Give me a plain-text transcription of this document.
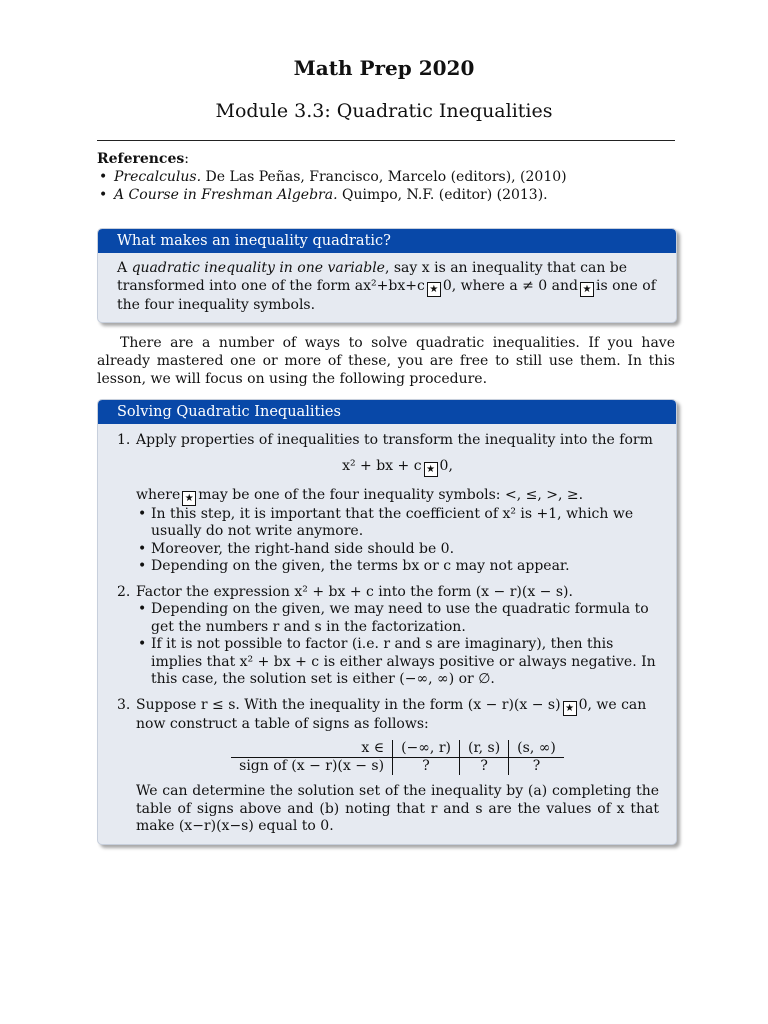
Math Prep 2020
Module 3.3: Quadratic Inequalities
References:
• Precalculus. De Las Peñas, Francisco, Marcelo (editors), (2010)
• A Course in Freshman Algebra. Quimpo, N.F. (editor) (2013).
What makes an inequality quadratic?
A quadratic inequality in one variable, say x is an inequality that can be transformed into one of the form ax²+bx+c ★ 0, where a ≠ 0 and ★ is one of the four inequality symbols.
There are a number of ways to solve quadratic inequalities. If you have already mastered one or more of these, you are free to still use them. In this lesson, we will focus on using the following procedure.
Solving Quadratic Inequalities
1. Apply properties of inequalities to transform the inequality into the form
x² + bx + c ★ 0,
where ★ may be one of the four inequality symbols: <, ≤, >, ≥.
• In this step, it is important that the coefficient of x² is +1, which we usually do not write anymore.
• Moreover, the right-hand side should be 0.
• Depending on the given, the terms bx or c may not appear.
2. Factor the expression x² + bx + c into the form (x − r)(x − s).
• Depending on the given, we may need to use the quadratic formula to get the numbers r and s in the factorization.
• If it is not possible to factor (i.e. r and s are imaginary), then this implies that x² + bx + c is either always positive or always negative. In this case, the solution set is either (−∞, ∞) or ∅.
3. Suppose r ≤ s. With the inequality in the form (x − r)(x − s) ★ 0, we can now construct a table of signs as follows:
x ∈	(−∞, r)	(r, s)	(s, ∞)
sign of (x − r)(x − s)	?	?	?
We can determine the solution set of the inequality by (a) completing the table of signs above and (b) noting that r and s are the values of x that make (x−r)(x−s) equal to 0.
